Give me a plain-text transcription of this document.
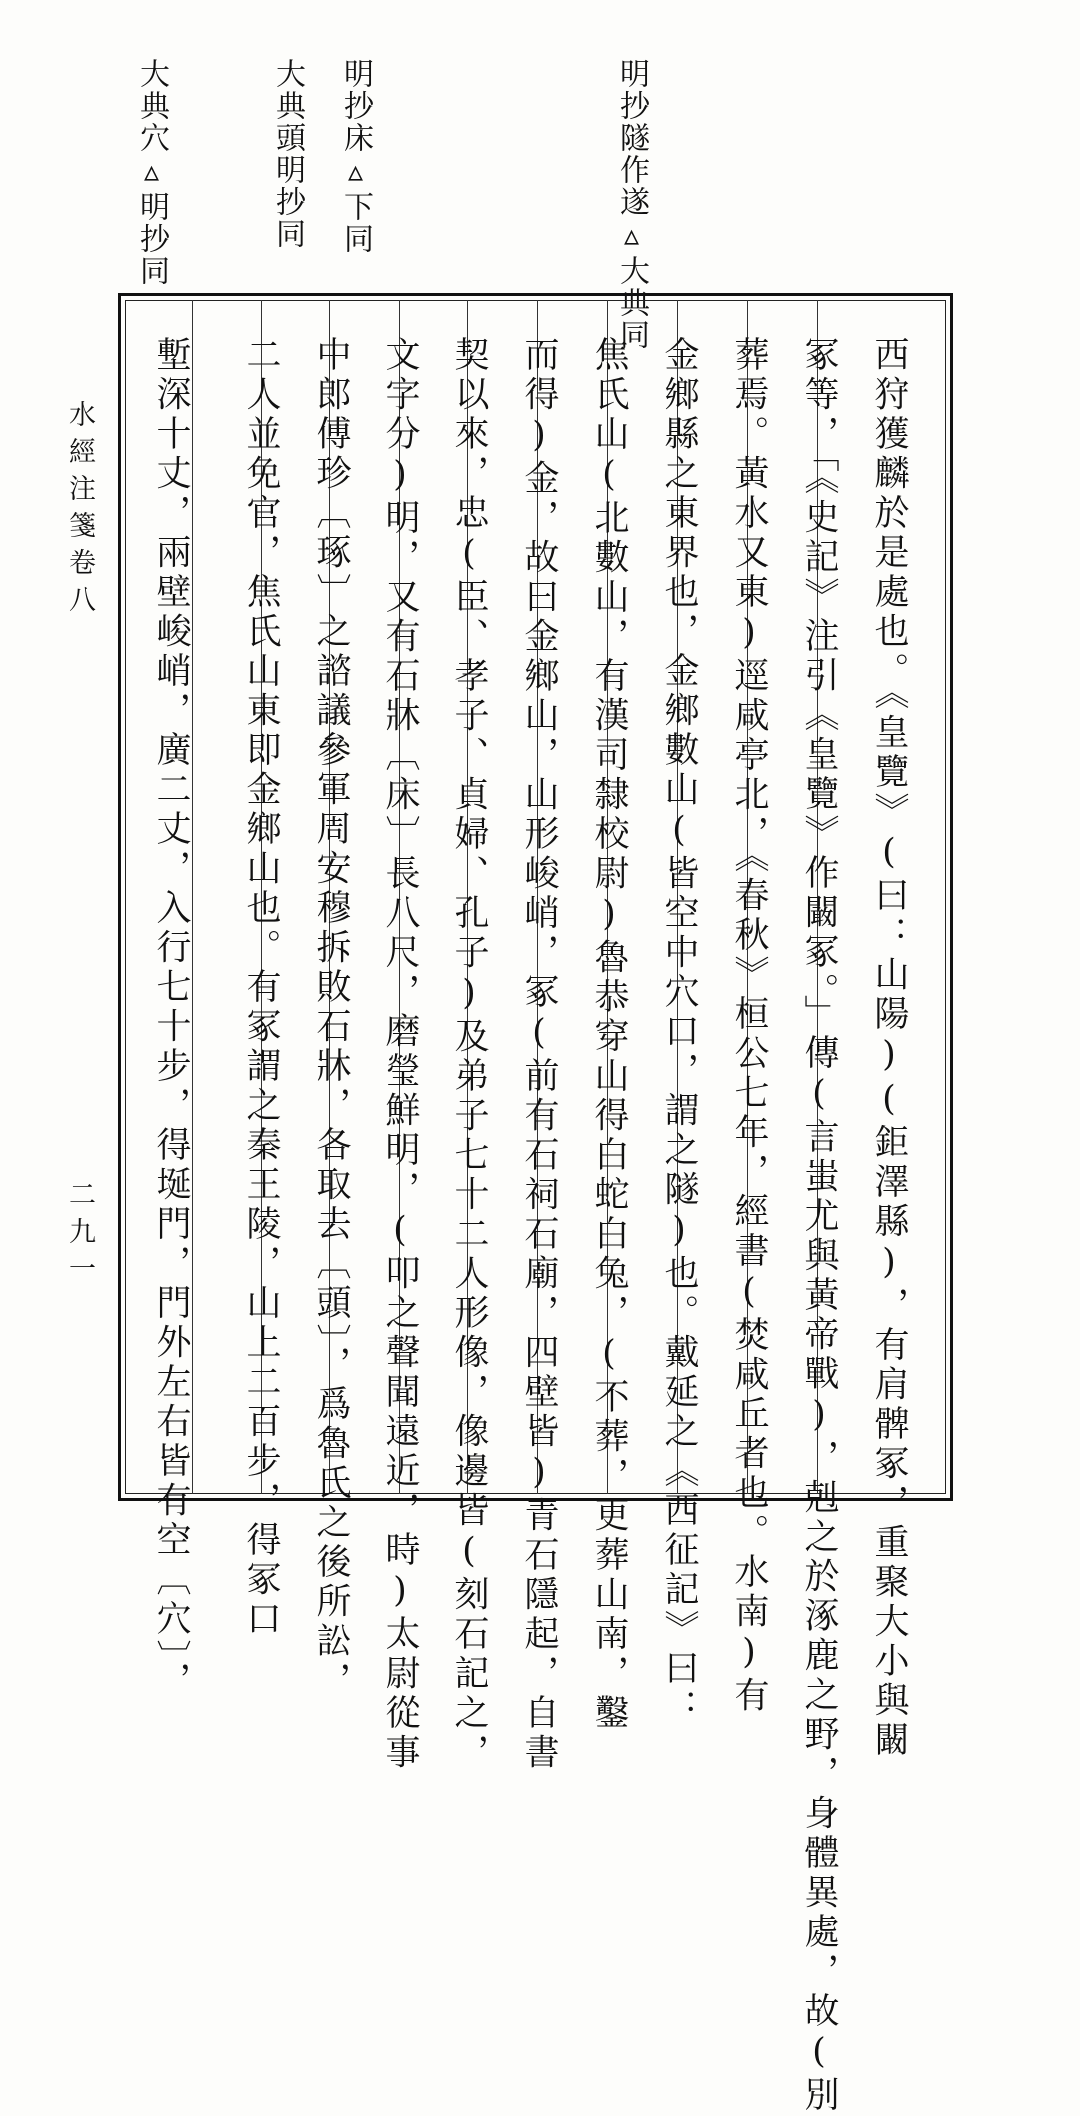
明抄隧作遂▵大典同
明抄床▵下同
大典頭明抄同
大典穴▵明抄同
西狩獲麟於是處也。《皇覽》(曰：山陽)(鉅澤縣)，有肩髀冢，重聚大小與闞
冢等，「《史記》注引《皇覽》作闞冢。」傳(言蚩尤與黃帝戰)，剋之於涿鹿之野，身體異處，故(別
葬焉。黃水又東)逕咸亭北，《春秋》桓公七年，經書(焚咸丘者也。水南)有
金鄉縣之東界也，金鄉數山(皆空中穴口，謂之隧)也。戴延之《西征記》曰：
焦氏山(北數山，有漢司隸校尉)魯恭穿山得白蛇白兔，(不葬，更葬山南，鑿
而得)金，故曰金鄉山，山形峻峭，冢(前有石祠石廟，四壁皆)青石隱起，自書
契以來，忠(臣、孝子、貞婦、孔子)及弟子七十二人形像，像邊皆(刻石記之，
文字分)明，又有石牀〔床〕長八尺，磨瑩鮮明，(叩之聲聞遠近，時)太尉從事
中郎傅珍〔琢〕之諮議參軍周安穆拆敗石牀，各取去〔頭〕，爲魯氏之後所訟，
二人並免官，焦氏山東即金鄉山也。有冢謂之秦王陵，山上二百步，得冢口
塹深十丈，兩壁峻峭，廣二丈，入行七十步，得埏門，門外左右皆有空〔穴〕，
水經注箋卷八
二九一
